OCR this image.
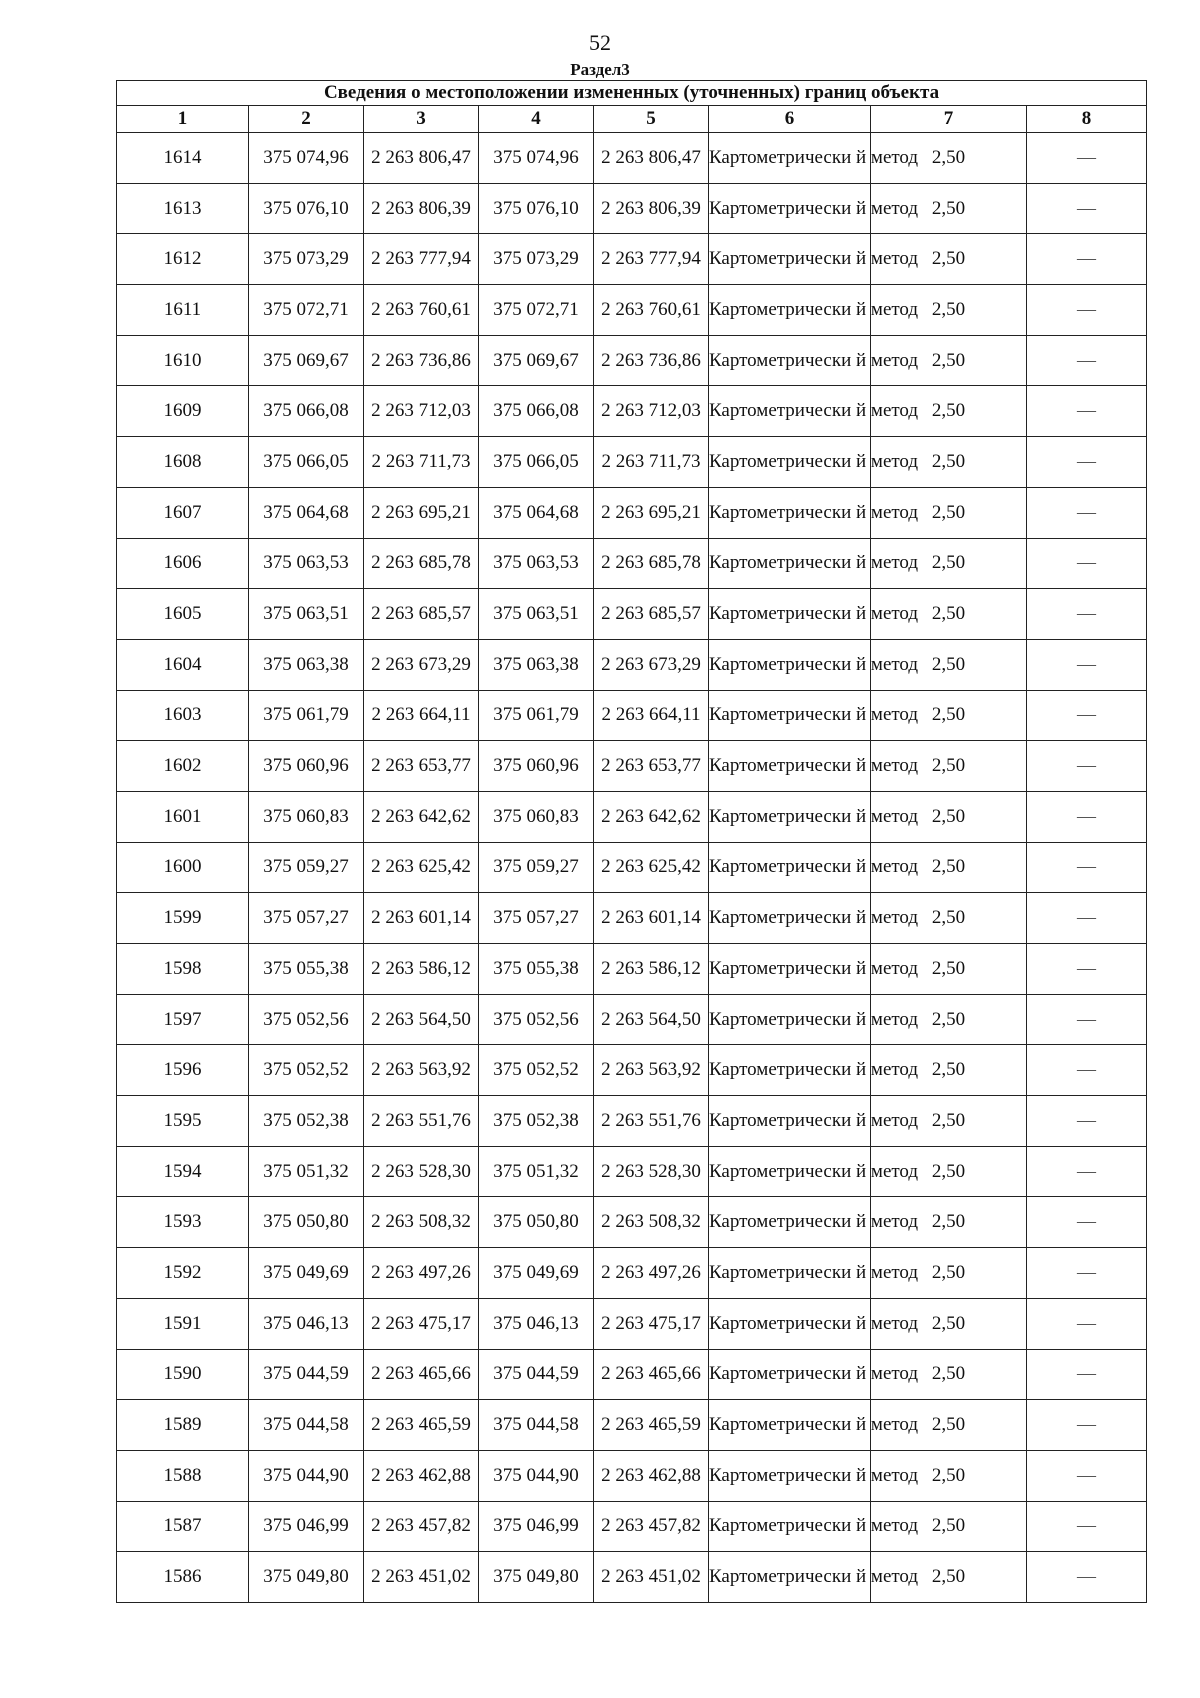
52
Раздел3
Сведения о местоположении измененных (уточненных) границ объекта							
1	2	3	4	5	6	7	8
1614	375 074,96	2 263 806,47	375 074,96	2 263 806,47	Картометрически й метод	2,50	—
1613	375 076,10	2 263 806,39	375 076,10	2 263 806,39	Картометрически й метод	2,50	—
1612	375 073,29	2 263 777,94	375 073,29	2 263 777,94	Картометрически й метод	2,50	—
1611	375 072,71	2 263 760,61	375 072,71	2 263 760,61	Картометрически й метод	2,50	—
1610	375 069,67	2 263 736,86	375 069,67	2 263 736,86	Картометрически й метод	2,50	—
1609	375 066,08	2 263 712,03	375 066,08	2 263 712,03	Картометрически й метод	2,50	—
1608	375 066,05	2 263 711,73	375 066,05	2 263 711,73	Картометрически й метод	2,50	—
1607	375 064,68	2 263 695,21	375 064,68	2 263 695,21	Картометрически й метод	2,50	—
1606	375 063,53	2 263 685,78	375 063,53	2 263 685,78	Картометрически й метод	2,50	—
1605	375 063,51	2 263 685,57	375 063,51	2 263 685,57	Картометрически й метод	2,50	—
1604	375 063,38	2 263 673,29	375 063,38	2 263 673,29	Картометрически й метод	2,50	—
1603	375 061,79	2 263 664,11	375 061,79	2 263 664,11	Картометрически й метод	2,50	—
1602	375 060,96	2 263 653,77	375 060,96	2 263 653,77	Картометрически й метод	2,50	—
1601	375 060,83	2 263 642,62	375 060,83	2 263 642,62	Картометрически й метод	2,50	—
1600	375 059,27	2 263 625,42	375 059,27	2 263 625,42	Картометрически й метод	2,50	—
1599	375 057,27	2 263 601,14	375 057,27	2 263 601,14	Картометрически й метод	2,50	—
1598	375 055,38	2 263 586,12	375 055,38	2 263 586,12	Картометрически й метод	2,50	—
1597	375 052,56	2 263 564,50	375 052,56	2 263 564,50	Картометрически й метод	2,50	—
1596	375 052,52	2 263 563,92	375 052,52	2 263 563,92	Картометрически й метод	2,50	—
1595	375 052,38	2 263 551,76	375 052,38	2 263 551,76	Картометрически й метод	2,50	—
1594	375 051,32	2 263 528,30	375 051,32	2 263 528,30	Картометрически й метод	2,50	—
1593	375 050,80	2 263 508,32	375 050,80	2 263 508,32	Картометрически й метод	2,50	—
1592	375 049,69	2 263 497,26	375 049,69	2 263 497,26	Картометрически й метод	2,50	—
1591	375 046,13	2 263 475,17	375 046,13	2 263 475,17	Картометрически й метод	2,50	—
1590	375 044,59	2 263 465,66	375 044,59	2 263 465,66	Картометрически й метод	2,50	—
1589	375 044,58	2 263 465,59	375 044,58	2 263 465,59	Картометрически й метод	2,50	—
1588	375 044,90	2 263 462,88	375 044,90	2 263 462,88	Картометрически й метод	2,50	—
1587	375 046,99	2 263 457,82	375 046,99	2 263 457,82	Картометрически й метод	2,50	—
1586	375 049,80	2 263 451,02	375 049,80	2 263 451,02	Картометрически й метод	2,50	—
